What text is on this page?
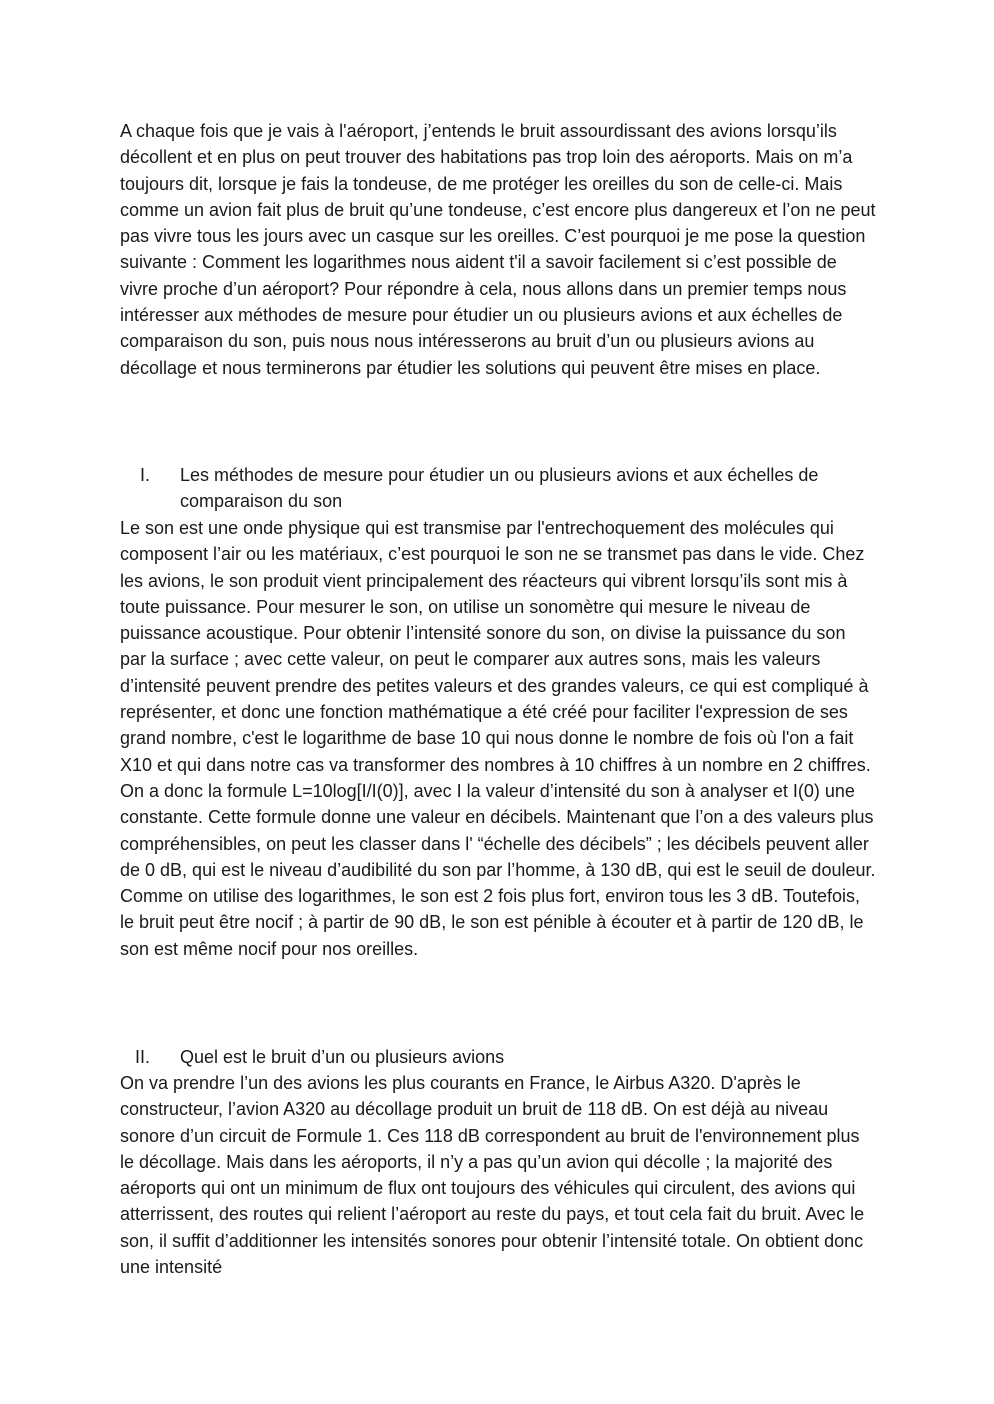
A chaque fois que je vais à l'aéroport, j’entends le bruit assourdissant des avions lorsqu’ils décollent et en plus on peut trouver des habitations pas trop loin des aéroports. Mais on m’a toujours dit, lorsque je fais la tondeuse, de me protéger les oreilles du son de celle-ci. Mais comme un avion fait plus de bruit qu’une tondeuse, c’est encore plus dangereux et l’on ne peut pas vivre tous les jours avec un casque sur les oreilles. C’est pourquoi je me pose la question suivante : Comment les logarithmes nous aident t'il a savoir facilement si c’est possible de vivre proche d’un aéroport? Pour répondre à cela, nous allons dans un premier temps nous intéresser aux méthodes de mesure pour étudier un ou plusieurs avions et aux échelles de comparaison du son, puis nous nous intéresserons au bruit d’un ou plusieurs avions au décollage et nous terminerons par étudier les solutions qui peuvent être mises en place.

I. Les méthodes de mesure pour étudier un ou plusieurs avions et aux échelles de comparaison du son

Le son est une onde physique qui est transmise par l'entrechoquement des molécules qui composent l’air ou les matériaux, c’est pourquoi le son ne se transmet pas dans le vide. Chez les avions, le son produit vient principalement des réacteurs qui vibrent lorsqu’ils sont mis à toute puissance. Pour mesurer le son, on utilise un sonomètre qui mesure le niveau de puissance acoustique. Pour obtenir l’intensité sonore du son, on divise la puissance du son par la surface ; avec cette valeur, on peut le comparer aux autres sons, mais les valeurs d’intensité peuvent prendre des petites valeurs et des grandes valeurs, ce qui est compliqué à représenter, et donc une fonction mathématique a été créé pour faciliter l'expression de ses grand nombre, c'est le logarithme de base 10 qui nous donne le nombre de fois où l'on a fait X10 et qui dans notre cas va transformer des nombres à 10 chiffres à un nombre en 2 chiffres. On a donc la formule L=10log[I/I(0)], avec I la valeur d’intensité du son à analyser et I(0) une constante. Cette formule donne une valeur en décibels. Maintenant que l’on a des valeurs plus compréhensibles, on peut les classer dans l' “échelle des décibels” ; les décibels peuvent aller de 0 dB, qui est le niveau d’audibilité du son par l’homme, à 130 dB, qui est le seuil de douleur. Comme on utilise des logarithmes, le son est 2 fois plus fort, environ tous les 3 dB. Toutefois, le bruit peut être nocif ; à partir de 90 dB, le son est pénible à écouter et à partir de 120 dB, le son est même nocif pour nos oreilles.

II. Quel est le bruit d’un ou plusieurs avions

On va prendre l’un des avions les plus courants en France, le Airbus A320. D'après le constructeur, l’avion A320 au décollage produit un bruit de 118 dB. On est déjà au niveau sonore d’un circuit de Formule 1. Ces 118 dB correspondent au bruit de l'environnement plus le décollage. Mais dans les aéroports, il n’y a pas qu’un avion qui décolle ; la majorité des aéroports qui ont un minimum de flux ont toujours des véhicules qui circulent, des avions qui atterrissent, des routes qui relient l’aéroport au reste du pays, et tout cela fait du bruit. Avec le son, il suffit d’additionner les intensités sonores pour obtenir l’intensité totale. On obtient donc une intensité
